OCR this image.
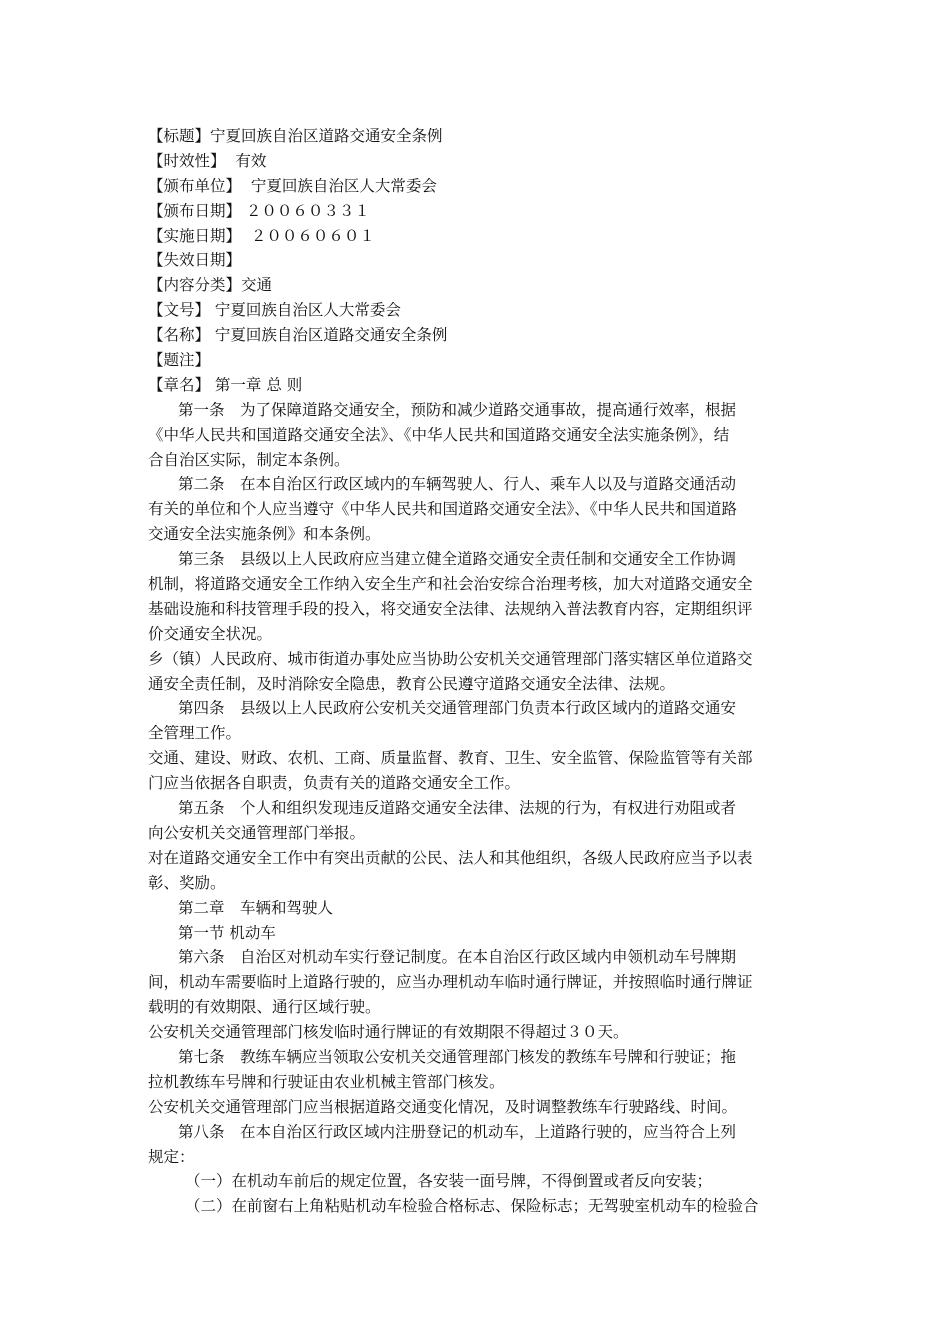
【标题】宁夏回族自治区道路交通安全条例
【时效性】  有效
【颁布单位】  宁夏回族自治区人大常委会
【颁布日期】 ２００６０３３１
【实施日期】  ２００６０６０１
【失效日期】
【内容分类】交通
【文号】 宁夏回族自治区人大常委会
【名称】 宁夏回族自治区道路交通安全条例
【题注】
【章名】 第一章 总 则
第一条　为了保障道路交通安全，预防和减少道路交通事故，提高通行效率，根据
《中华人民共和国道路交通安全法》、《中华人民共和国道路交通安全法实施条例》，结
合自治区实际，制定本条例。
第二条　在本自治区行政区域内的车辆驾驶人、行人、乘车人以及与道路交通活动
有关的单位和个人应当遵守《中华人民共和国道路交通安全法》、《中华人民共和国道路
交通安全法实施条例》和本条例。
第三条　县级以上人民政府应当建立健全道路交通安全责任制和交通安全工作协调
机制，将道路交通安全工作纳入安全生产和社会治安综合治理考核，加大对道路交通安全
基础设施和科技管理手段的投入，将交通安全法律、法规纳入普法教育内容，定期组织评
价交通安全状况。
乡（镇）人民政府、城市街道办事处应当协助公安机关交通管理部门落实辖区单位道路交
通安全责任制，及时消除安全隐患，教育公民遵守道路交通安全法律、法规。
第四条　县级以上人民政府公安机关交通管理部门负责本行政区域内的道路交通安
全管理工作。
交通、建设、财政、农机、工商、质量监督、教育、卫生、安全监管、保险监管等有关部
门应当依据各自职责，负责有关的道路交通安全工作。
第五条　个人和组织发现违反道路交通安全法律、法规的行为，有权进行劝阻或者
向公安机关交通管理部门举报。
对在道路交通安全工作中有突出贡献的公民、法人和其他组织，各级人民政府应当予以表
彰、奖励。
第二章　车辆和驾驶人
第一节 机动车
第六条　自治区对机动车实行登记制度。在本自治区行政区域内申领机动车号牌期
间，机动车需要临时上道路行驶的，应当办理机动车临时通行牌证，并按照临时通行牌证
载明的有效期限、通行区域行驶。
公安机关交通管理部门核发临时通行牌证的有效期限不得超过３０天。
第七条　教练车辆应当领取公安机关交通管理部门核发的教练车号牌和行驶证；拖
拉机教练车号牌和行驶证由农业机械主管部门核发。
公安机关交通管理部门应当根据道路交通变化情况，及时调整教练车行驶路线、时间。
第八条　在本自治区行政区域内注册登记的机动车，上道路行驶的，应当符合上列
规定：
（一）在机动车前后的规定位置，各安装一面号牌，不得倒置或者反向安装；
（二）在前窗右上角粘贴机动车检验合格标志、保险标志；无驾驶室机动车的检验合
